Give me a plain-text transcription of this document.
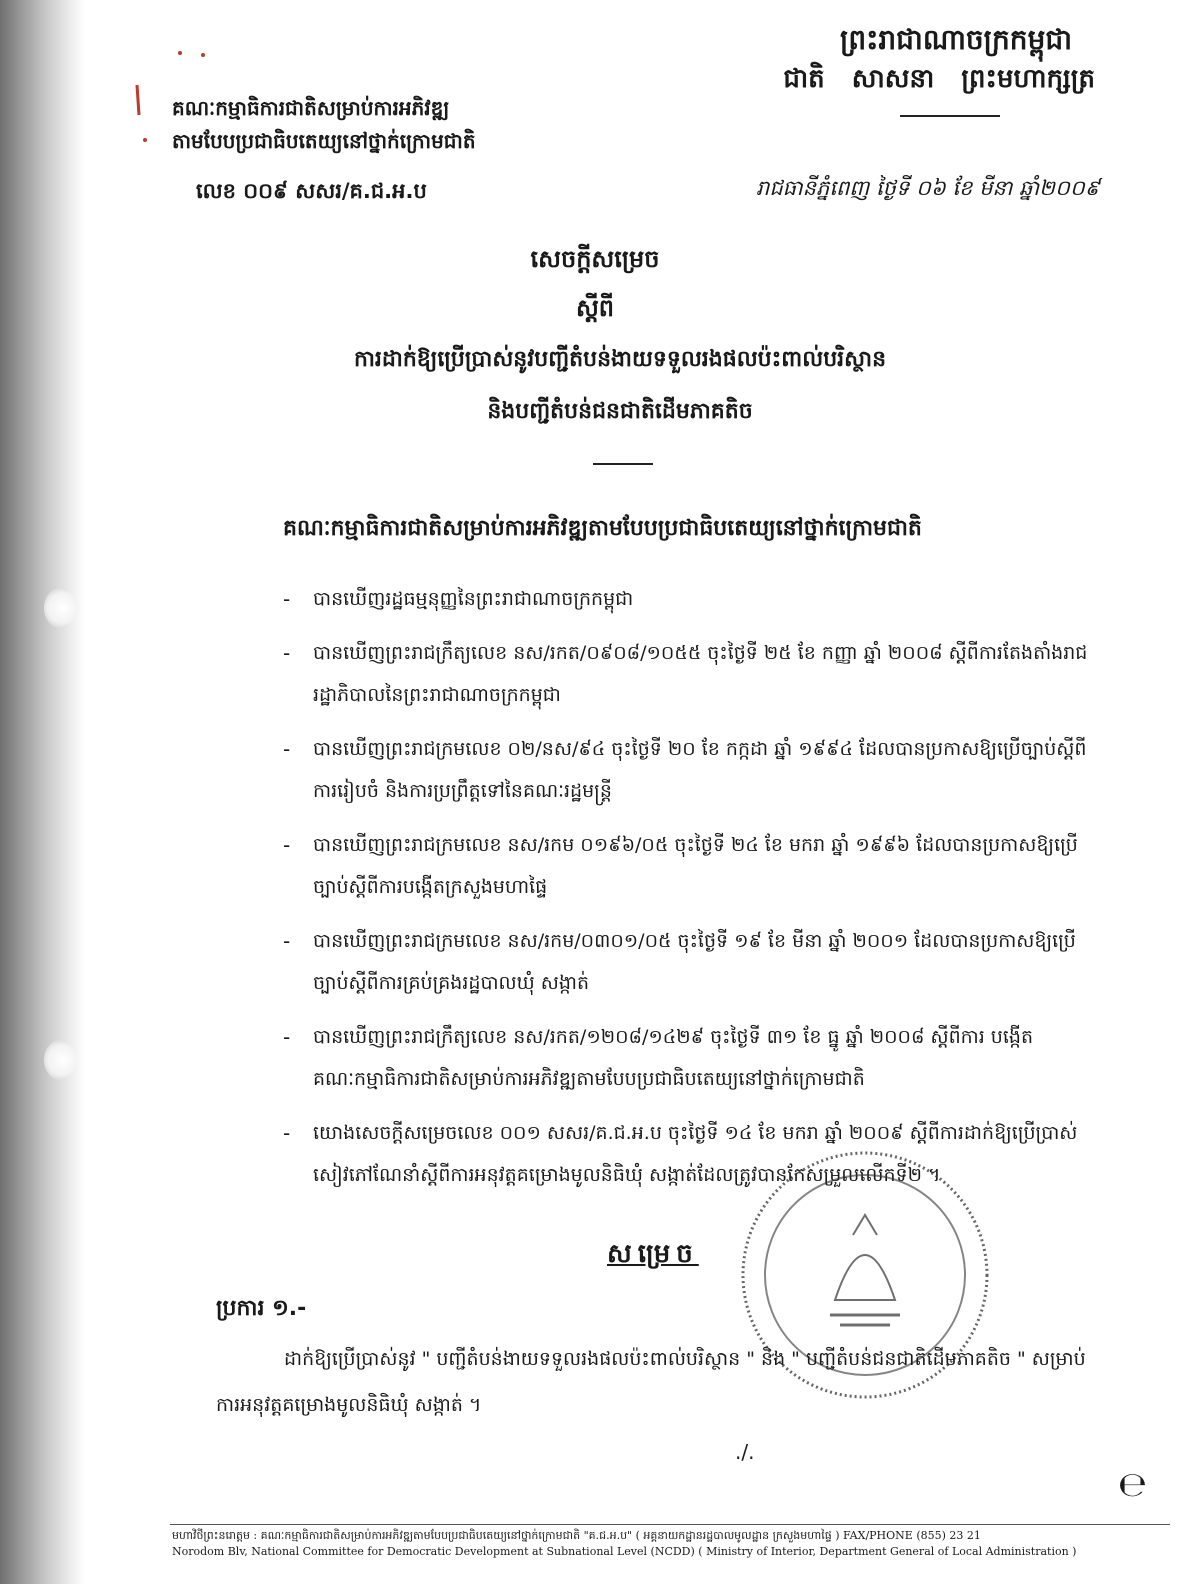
ព្រះរាជាណាចក្រកម្ពុជា
ជាតិ សាសនា ព្រះមហាក្សត្រ
គណៈកម្មាធិការជាតិសម្រាប់ការអភិវឌ្ឍ
តាមបែបប្រជាធិបតេយ្យនៅថ្នាក់ក្រោមជាតិ
លេខ ០០៩ សសរ/គ.ជ.អ.ប	រាជធានីភ្នំពេញ ថ្ងៃទី ០៦ ខែ មីនា ឆ្នាំ២០០៩
សេចក្តីសម្រេច
ស្តីពី
ការដាក់ឱ្យប្រើប្រាស់នូវបញ្ជីតំបន់ងាយទទួលរងផលប៉ះពាល់បរិស្ថាន
និងបញ្ជីតំបន់ជនជាតិដើមភាគតិច
គណៈកម្មាធិការជាតិសម្រាប់ការអភិវឌ្ឍតាមបែបប្រជាធិបតេយ្យនៅថ្នាក់ក្រោមជាតិ
-	បានឃើញរដ្ឋធម្មនុញ្ញនៃព្រះរាជាណាចក្រកម្ពុជា
-	បានឃើញព្រះរាជក្រឹត្យលេខ នស/រកត/០៩០៨/១០៥៥ ចុះថ្ងៃទី ២៥ ខែ កញ្ញា ឆ្នាំ ២០០៨ ស្តីពីការតែងតាំងរាជរដ្ឋាភិបាលនៃព្រះរាជាណាចក្រកម្ពុជា
-	បានឃើញព្រះរាជក្រមលេខ ០២/នស/៩៤ ចុះថ្ងៃទី ២០ ខែ កក្កដា ឆ្នាំ ១៩៩៤ ដែលបានប្រកាសឱ្យប្រើច្បាប់ស្តីពីការរៀបចំ និងការប្រព្រឹត្តទៅនៃគណៈរដ្ឋមន្ត្រី
-	បានឃើញព្រះរាជក្រមលេខ នស/រកម ០១៩៦/០៥ ចុះថ្ងៃទី ២៤ ខែ មករា ឆ្នាំ ១៩៩៦ ដែលបានប្រកាសឱ្យប្រើច្បាប់ស្តីពីការបង្កើតក្រសួងមហាផ្ទៃ
-	បានឃើញព្រះរាជក្រមលេខ នស/រកម/០៣០១/០៥ ចុះថ្ងៃទី ១៩ ខែ មីនា ឆ្នាំ ២០០១ ដែលបានប្រកាសឱ្យប្រើច្បាប់ស្តីពីការគ្រប់គ្រងរដ្ឋបាលឃុំ សង្កាត់
-	បានឃើញព្រះរាជក្រឹត្យលេខ នស/រកត/១២០៨/១៤២៩ ចុះថ្ងៃទី ៣១ ខែ ធ្នូ ឆ្នាំ ២០០៨ ស្តីពីការ បង្កើតគណៈកម្មាធិការជាតិសម្រាប់ការអភិវឌ្ឍតាមបែបប្រជាធិបតេយ្យនៅថ្នាក់ក្រោមជាតិ
-	យោងសេចក្តីសម្រេចលេខ ០០១ សសរ/គ.ជ.អ.ប ចុះថ្ងៃទី ១៤ ខែ មករា ឆ្នាំ ២០០៩ ស្តីពីការដាក់ឱ្យប្រើប្រាស់សៀវភៅណែនាំស្តីពីការអនុវត្តគម្រោងមូលនិធិឃុំ សង្កាត់ដែលត្រូវបានកែសម្រួលលើកទី២ ។
សម្រេច
ប្រការ ១.-
ដាក់ឱ្យប្រើប្រាស់នូវ " បញ្ជីតំបន់ងាយទទួលរងផលប៉ះពាល់បរិស្ថាន " និង " បញ្ជីតំបន់ជនជាតិដើមភាគតិច " សម្រាប់ការអនុវត្តគម្រោងមូលនិធិឃុំ សង្កាត់ ។
./.
℮
មហាវិថីព្រះនរោត្តម : គណៈកម្មាធិការជាតិសម្រាប់ការអភិវឌ្ឍតាមបែបប្រជាធិបតេយ្យនៅថ្នាក់ក្រោមជាតិ "គ.ជ.អ.ប" ( អគ្គនាយកដ្ឋានរដ្ឋបាលមូលដ្ឋាន ក្រសួងមហាផ្ទៃ ) FAX/PHONE (855) 23 21
Norodom Blv, National Committee for Democratic Development at Subnational Level (NCDD) ( Ministry of Interior, Department General of Local Administration )
